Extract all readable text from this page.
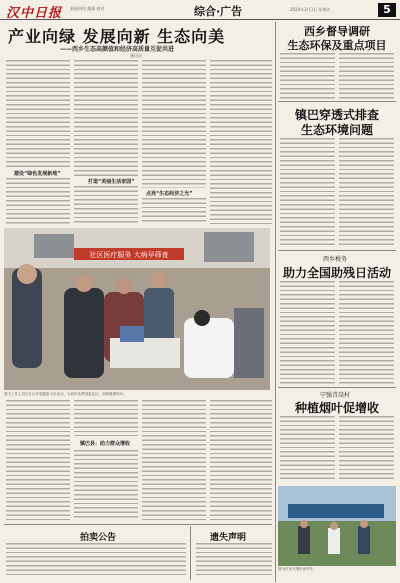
汉中日报 新闻热线 编辑 校对	综合·广告	2024年3月1日 星期五	5
产业向绿 发展向新 生态向美
——西乡生态高颜值和经济高质量互促共进
通讯员
建设“绿色发展新地”
打造“美丽生活家园”
点亮“生态经济之光”
西乡督导调研
生态环保及重点项目
镇巴穿透式排查
生态环境问题
西乡税务
助力全国助残日活动
宁强青岗村
种植烟叶促增收
社区医疗服务 大病早筛查
图为工作人员在社区开展健康义诊活动，为居民免费测量血压、讲解健康知识。
镇巴县：助力群众增收
拍卖公告	遗失声明
图为村民在烟田里劳作。
